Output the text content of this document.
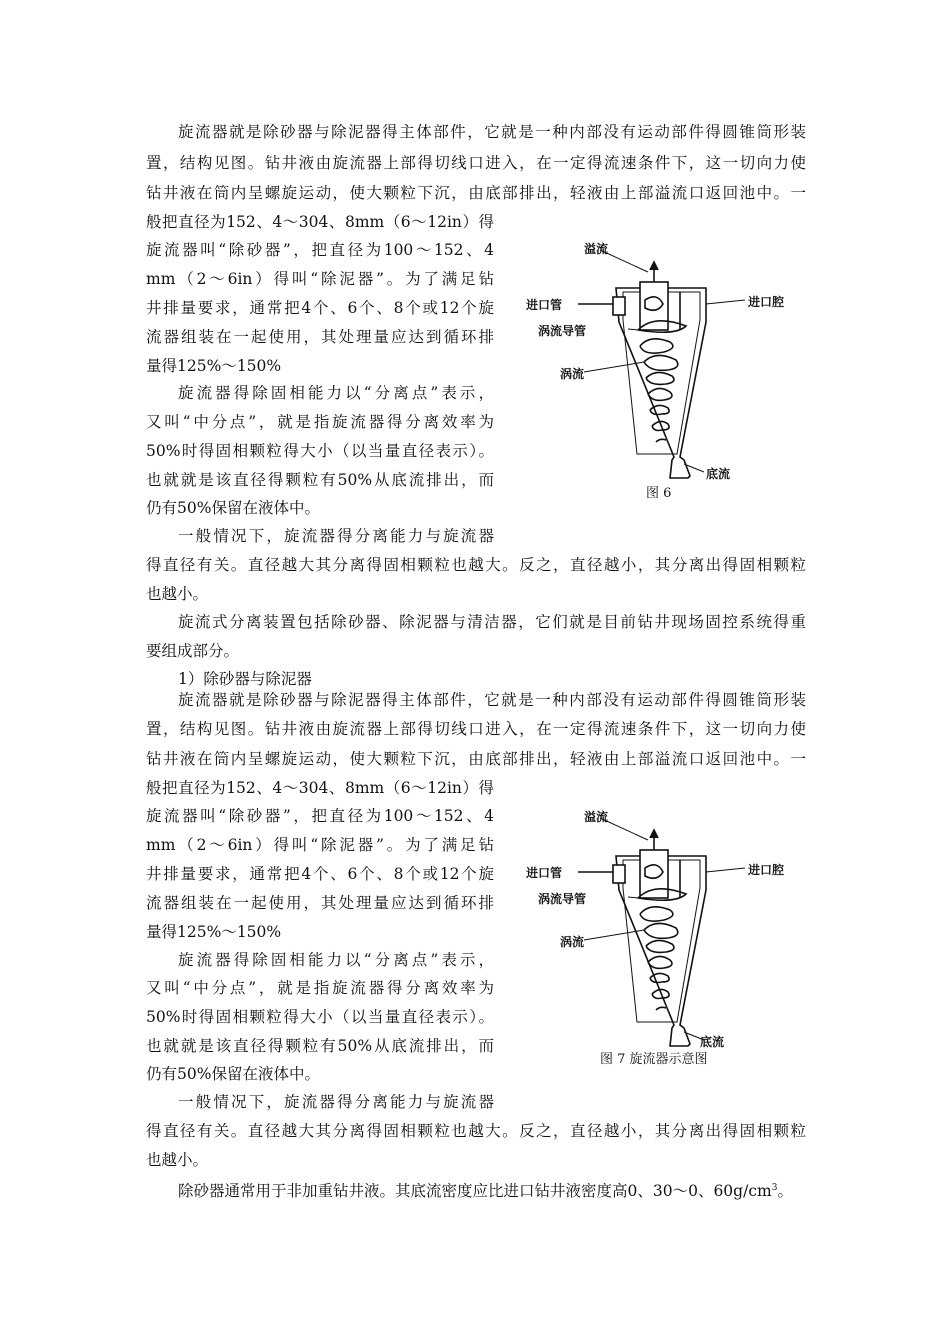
旋流器就是除砂器与除泥器得主体部件，它就是一种内部没有运动部件得圆锥筒形装
置，结构见图。钻井液由旋流器上部得切线口进入，在一定得流速条件下，这一切向力使
钻井液在筒内呈螺旋运动，使大颗粒下沉，由底部排出，轻液由上部溢流口返回池中。一
般把直径为152、4～304、8mm（6～12in）得
旋流器叫“除砂器”，把直径为100～152、4
mm（2～6in）得叫“除泥器”。为了满足钻
井排量要求，通常把4个、6个、8个或12个旋
流器组装在一起使用，其处理量应达到循环排
量得125%～150%
旋流器得除固相能力以“分离点”表示，
又叫“中分点”，就是指旋流器得分离效率为
50%时得固相颗粒得大小（以当量直径表示）。
也就就是该直径得颗粒有50%从底流排出，而
仍有50%保留在液体中。
一般情况下，旋流器得分离能力与旋流器
得直径有关。直径越大其分离得固相颗粒也越大。反之，直径越小，其分离出得固相颗粒
也越小。
旋流式分离装置包括除砂器、除泥器与清洁器，它们就是目前钻井现场固控系统得重
要组成部分。
1）除砂器与除泥器
溢流
进口管	进口腔
涡流导管
涡流
底流
图 6
旋流器就是除砂器与除泥器得主体部件，它就是一种内部没有运动部件得圆锥筒形装
置，结构见图。钻井液由旋流器上部得切线口进入，在一定得流速条件下，这一切向力使
钻井液在筒内呈螺旋运动，使大颗粒下沉，由底部排出，轻液由上部溢流口返回池中。一
般把直径为152、4～304、8mm（6～12in）得
旋流器叫“除砂器”，把直径为100～152、4
mm（2～6in）得叫“除泥器”。为了满足钻
井排量要求，通常把4个、6个、8个或12个旋
流器组装在一起使用，其处理量应达到循环排
量得125%～150%
旋流器得除固相能力以“分离点”表示，
又叫“中分点”，就是指旋流器得分离效率为
50%时得固相颗粒得大小（以当量直径表示）。
也就就是该直径得颗粒有50%从底流排出，而
仍有50%保留在液体中。
一般情况下，旋流器得分离能力与旋流器
得直径有关。直径越大其分离得固相颗粒也越大。反之，直径越小，其分离出得固相颗粒
也越小。
除砂器通常用于非加重钻井液。其底流密度应比进口钻井液密度高0、30～0、$60g/cm^3$。
溢流
进口管	进口腔
涡流导管
涡流
底流
图 7 旋流器示意图
